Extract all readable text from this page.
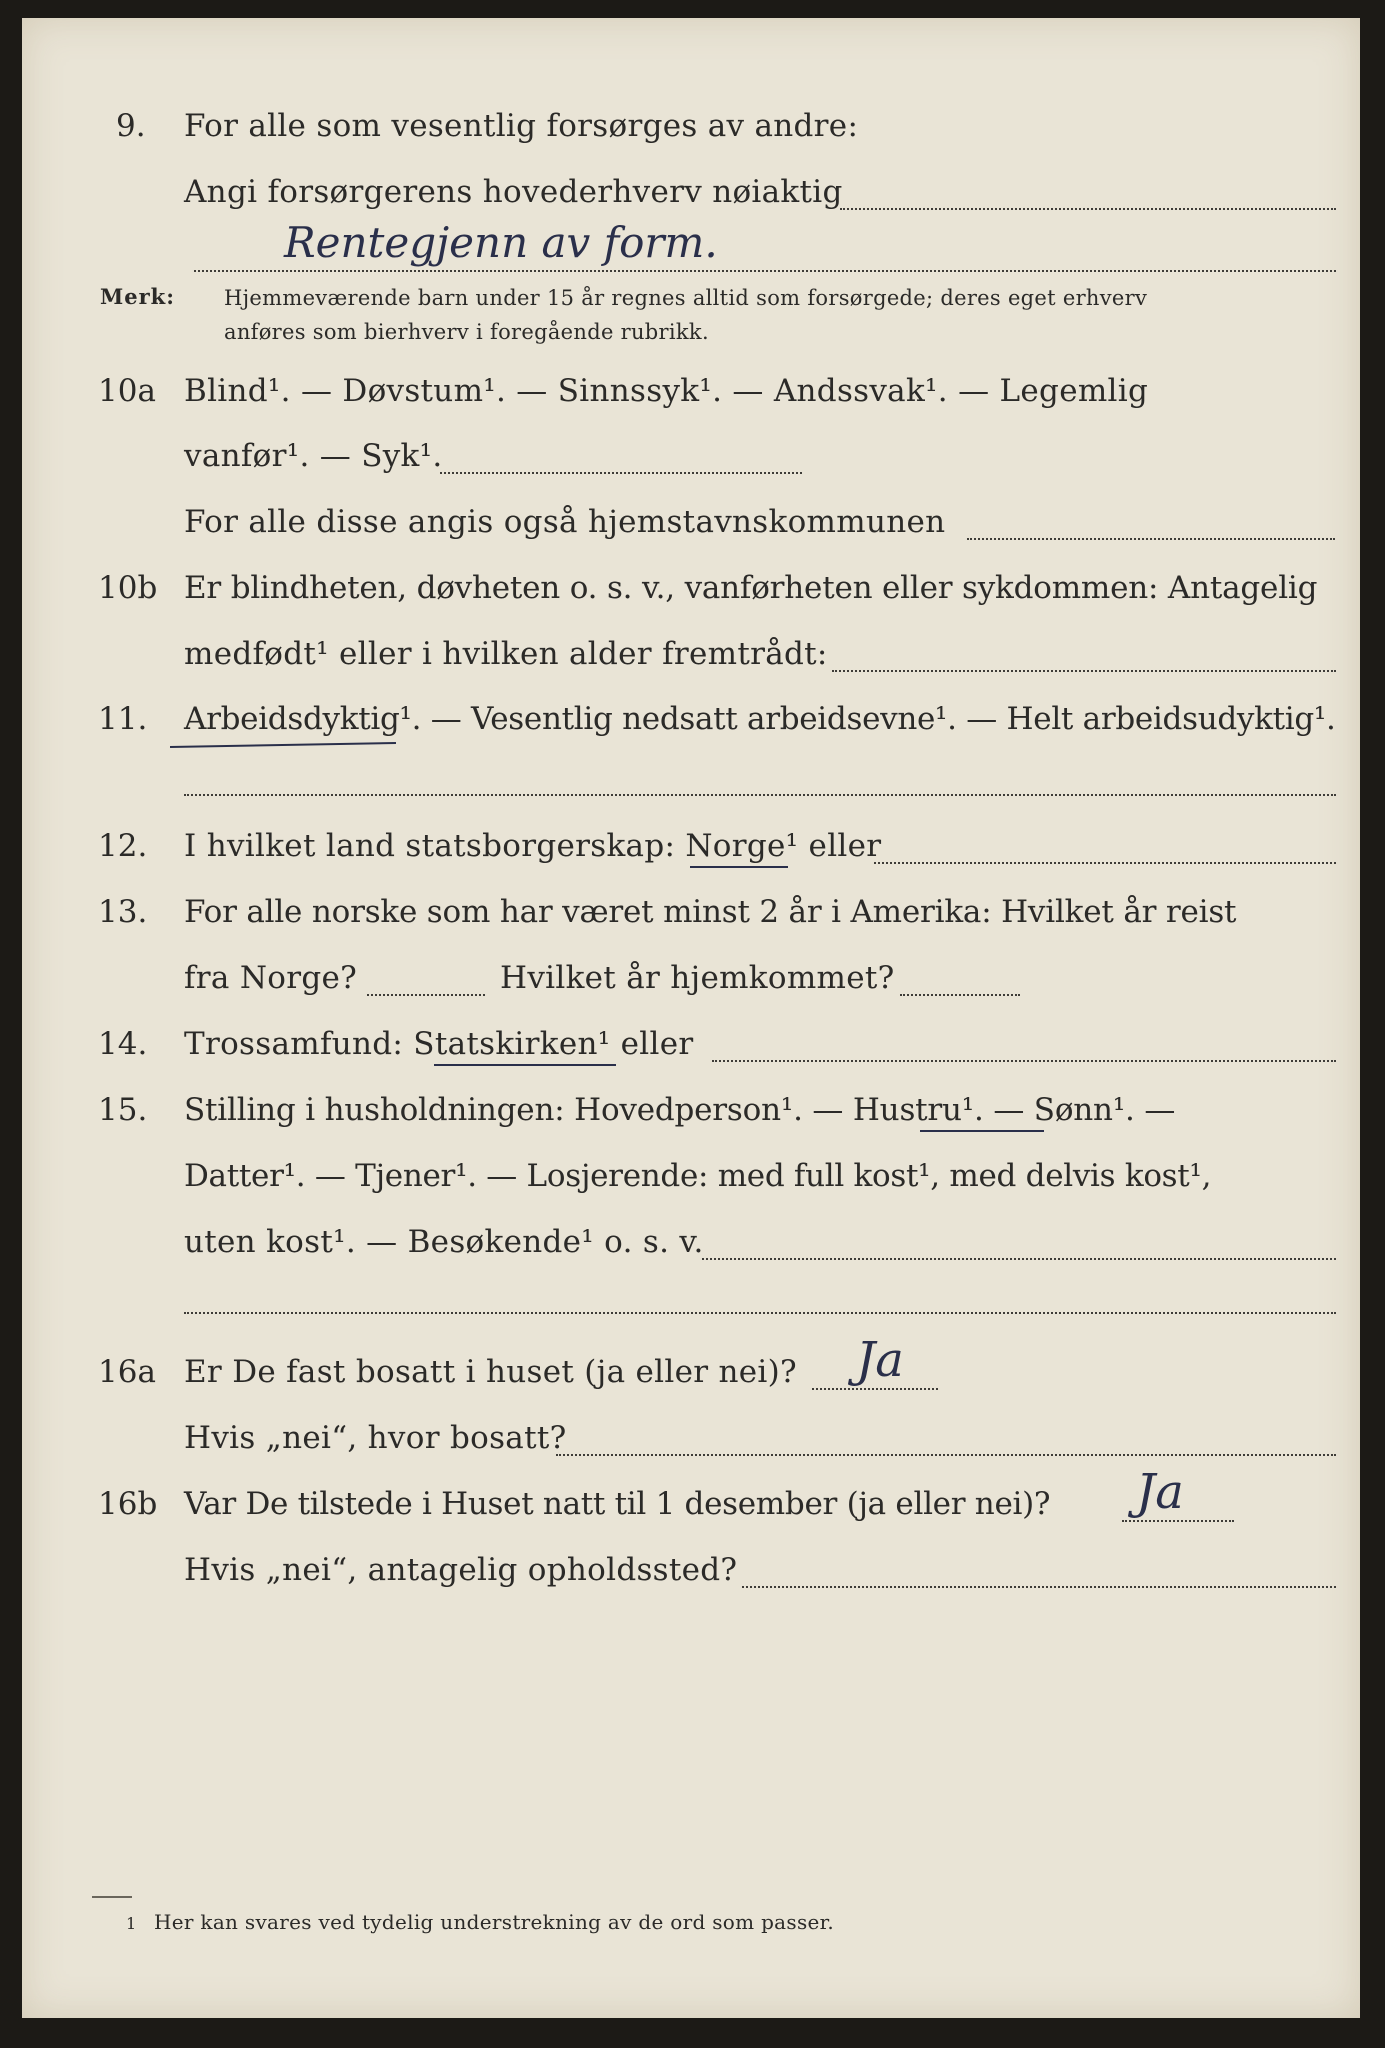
9. For alle som vesentlig forsørges av andre:
Angi forsørgerens hovederhverv nøiaktig
Rentegjenn av form.
Merk: Hjemmeværende barn under 15 år regnes alltid som forsørgede; deres eget erhverv
anføres som bierhverv i foregående rubrikk.
10a Blind¹. — Døvstum¹. — Sinnssyk¹. — Andssvak¹. — Legemlig
vanfør¹. — Syk¹.
For alle disse angis også hjemstavnskommunen
10b Er blindheten, døvheten o. s. v., vanførheten eller sykdommen: Antagelig
medfødt¹ eller i hvilken alder fremtrådt:
11. Arbeidsdyktig¹. — Vesentlig nedsatt arbeidsevne¹. — Helt arbeidsudyktig¹.
12. I hvilket land statsborgerskap: Norge¹ eller
13. For alle norske som har været minst 2 år i Amerika: Hvilket år reist
fra Norge?	Hvilket år hjemkommet?
14. Trossamfund: Statskirken¹ eller
15. Stilling i husholdningen: Hovedperson¹. — Hustru¹. — Sønn¹. —
Datter¹. — Tjener¹. — Losjerende: med full kost¹, med delvis kost¹,
uten kost¹. — Besøkende¹ o. s. v.
16a Er De fast bosatt i huset (ja eller nei)? Ja
Hvis „nei“, hvor bosatt?
16b Var De tilstede i Huset natt til 1 desember (ja eller nei)? Ja
Hvis „nei“, antagelig opholdssted?
1 Her kan svares ved tydelig understrekning av de ord som passer.
